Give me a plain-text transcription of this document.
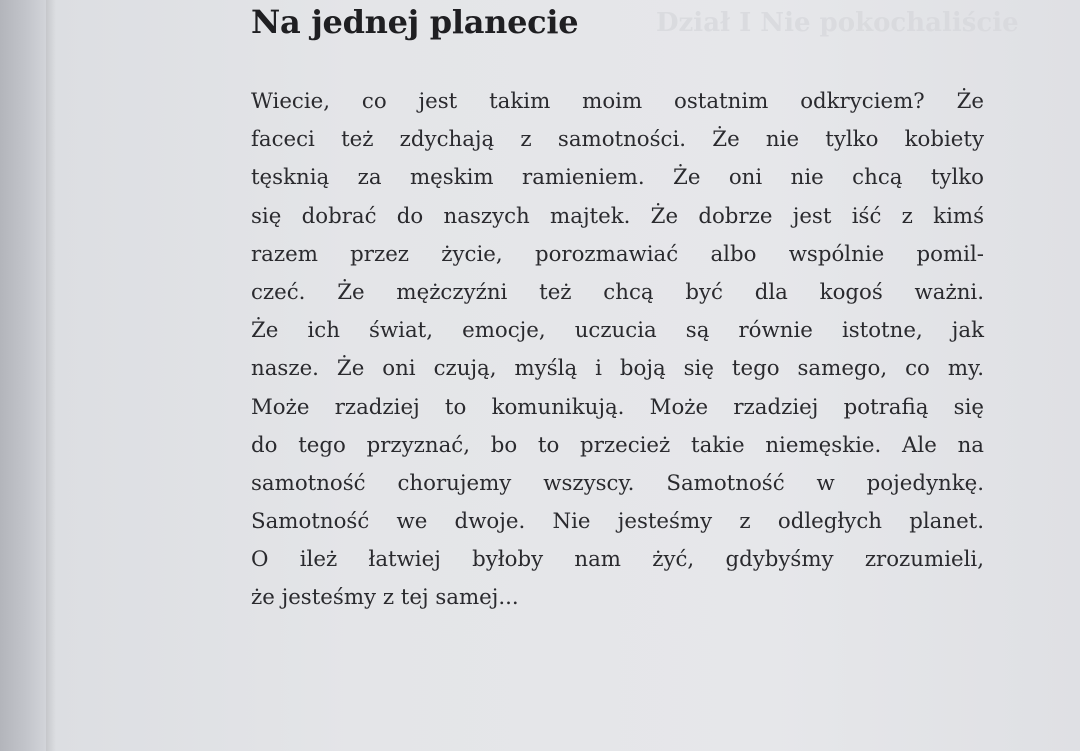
Dział I Nie pokochaliście
Na jednej planecie
Wiecie, co jest takim moim ostatnim odkryciem? Że
faceci też zdychają z samotności. Że nie tylko kobiety
tęsknią za męskim ramieniem. Że oni nie chcą tylko
się dobrać do naszych majtek. Że dobrze jest iść z kimś
razem przez życie, porozmawiać albo wspólnie pomil-
czeć. Że mężczyźni też chcą być dla kogoś ważni.
Że ich świat, emocje, uczucia są równie istotne, jak
nasze. Że oni czują, myślą i boją się tego samego, co my.
Może rzadziej to komunikują. Może rzadziej potrafią się
do tego przyznać, bo to przecież takie niemęskie. Ale na
samotność chorujemy wszyscy. Samotność w pojedynkę.
Samotność we dwoje. Nie jesteśmy z odległych planet.
O ileż łatwiej byłoby nam żyć, gdybyśmy zrozumieli,
że jesteśmy z tej samej...
